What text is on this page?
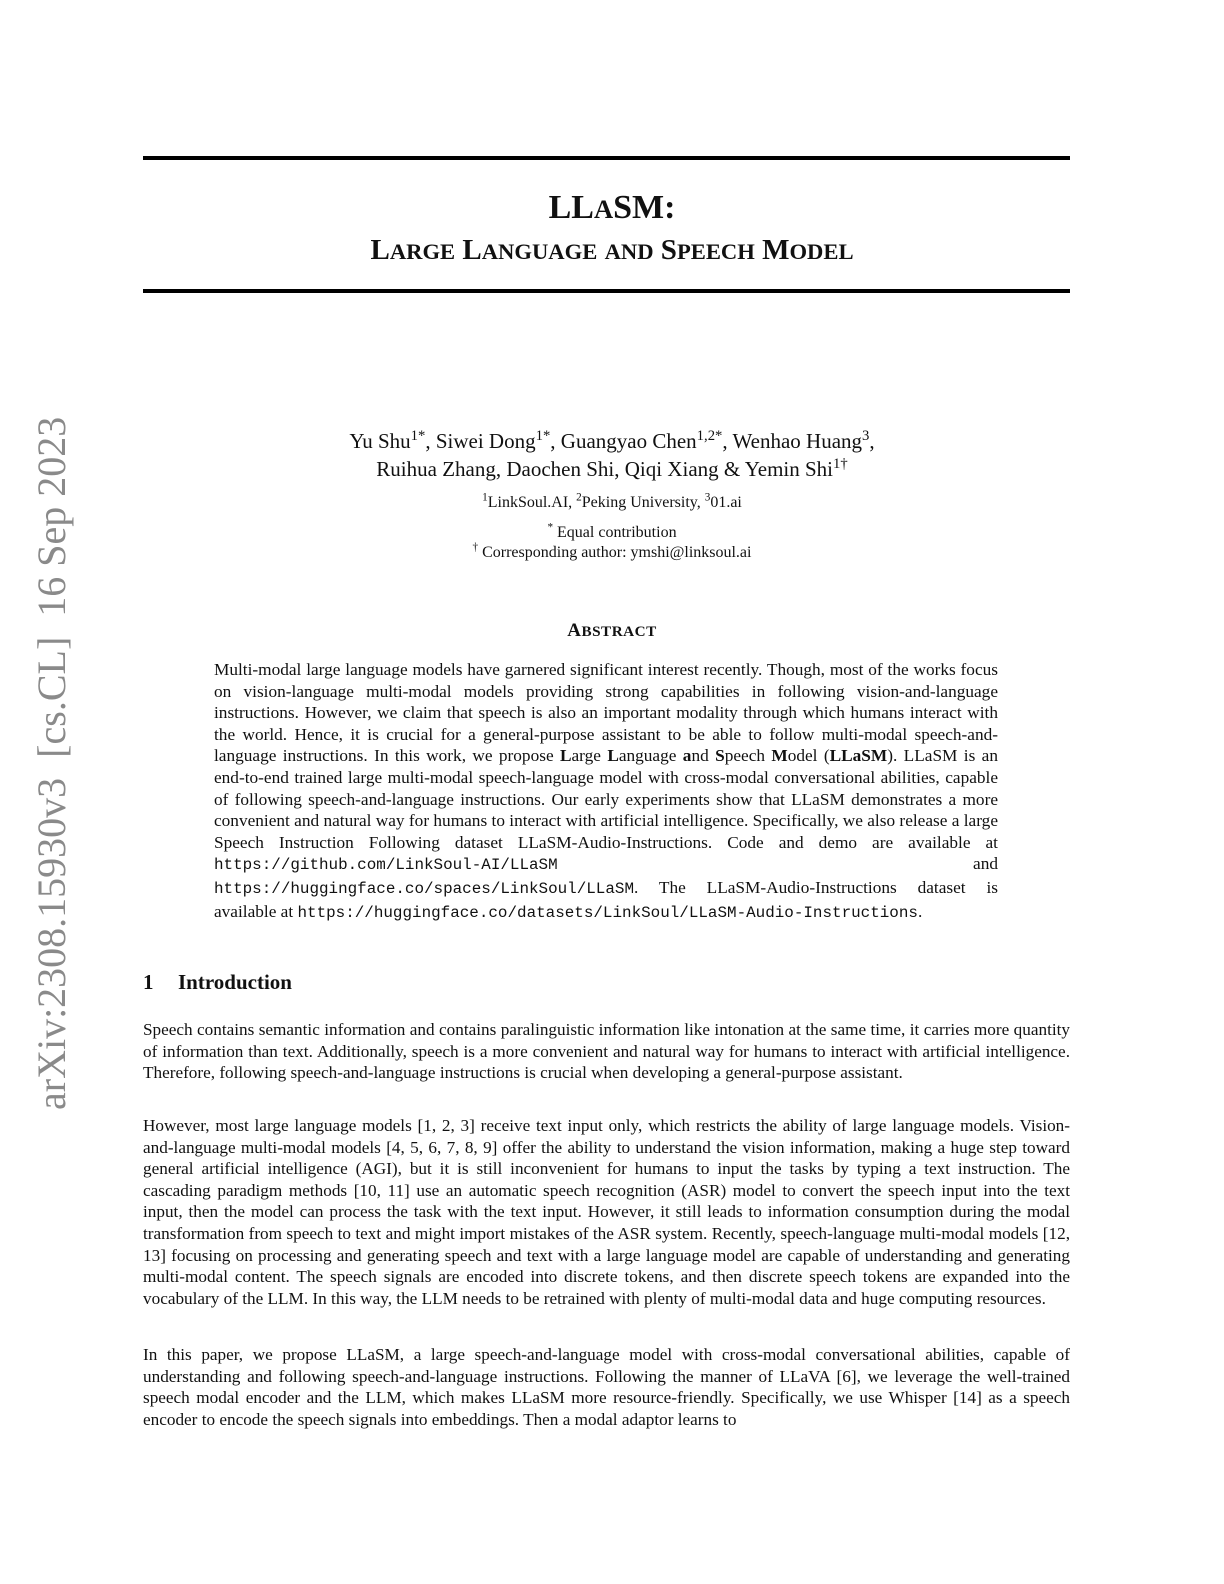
arXiv:2308.15930v3  [cs.CL]  16 Sep 2023
LLASM:
LARGE LANGUAGE AND SPEECH MODEL
Yu Shu$^{1*}$, Siwei Dong$^{1*}$, Guangyao Chen$^{1,2*}$, Wenhao Huang$^3$,
Ruihua Zhang, Daochen Shi, Qiqi Xiang & Yemin Shi$^{1\dagger}$
$^1$LinkSoul.AI, $^2$Peking University, $^3$01.ai
* Equal contribution
† Corresponding author: ymshi@linksoul.ai
ABSTRACT
Multi-modal large language models have garnered significant interest recently. Though, most of the works focus on vision-language multi-modal models providing strong capabilities in following vision-and-language instructions. However, we claim that speech is also an important modality through which humans interact with the world. Hence, it is crucial for a general-purpose assistant to be able to follow multi-modal speech-and-language instructions. In this work, we propose Large Language and Speech Model (LLaSM). LLaSM is an end-to-end trained large multi-modal speech-language model with cross-modal conversational abilities, capable of following speech-and-language instructions. Our early experiments show that LLaSM demonstrates a more convenient and natural way for humans to interact with artificial intelligence. Specifically, we also release a large Speech Instruction Following dataset LLaSM-Audio-Instructions. Code and demo are available at https://github.com/LinkSoul-AI/LLaSM and https://huggingface.co/spaces/LinkSoul/LLaSM. The LLaSM-Audio-Instructions dataset is available at https://huggingface.co/datasets/LinkSoul/LLaSM-Audio-Instructions.
1 Introduction

Speech contains semantic information and contains paralinguistic information like intonation at the same time, it carries more quantity of information than text. Additionally, speech is a more convenient and natural way for humans to interact with artificial intelligence. Therefore, following speech-and-language instructions is crucial when developing a general-purpose assistant.

However, most large language models [1, 2, 3] receive text input only, which restricts the ability of large language models. Vision-and-language multi-modal models [4, 5, 6, 7, 8, 9] offer the ability to understand the vision information, making a huge step toward general artificial intelligence (AGI), but it is still inconvenient for humans to input the tasks by typing a text instruction. The cascading paradigm methods [10, 11] use an automatic speech recognition (ASR) model to convert the speech input into the text input, then the model can process the task with the text input. However, it still leads to information consumption during the modal transformation from speech to text and might import mistakes of the ASR system. Recently, speech-language multi-modal models [12, 13] focusing on processing and generating speech and text with a large language model are capable of understanding and generating multi-modal content. The speech signals are encoded into discrete tokens, and then discrete speech tokens are expanded into the vocabulary of the LLM. In this way, the LLM needs to be retrained with plenty of multi-modal data and huge computing resources.

In this paper, we propose LLaSM, a large speech-and-language model with cross-modal conversational abilities, capable of understanding and following speech-and-language instructions. Following the manner of LLaVA [6], we leverage the well-trained speech modal encoder and the LLM, which makes LLaSM more resource-friendly. Specifically, we use Whisper [14] as a speech encoder to encode the speech signals into embeddings. Then a modal adaptor learns to
